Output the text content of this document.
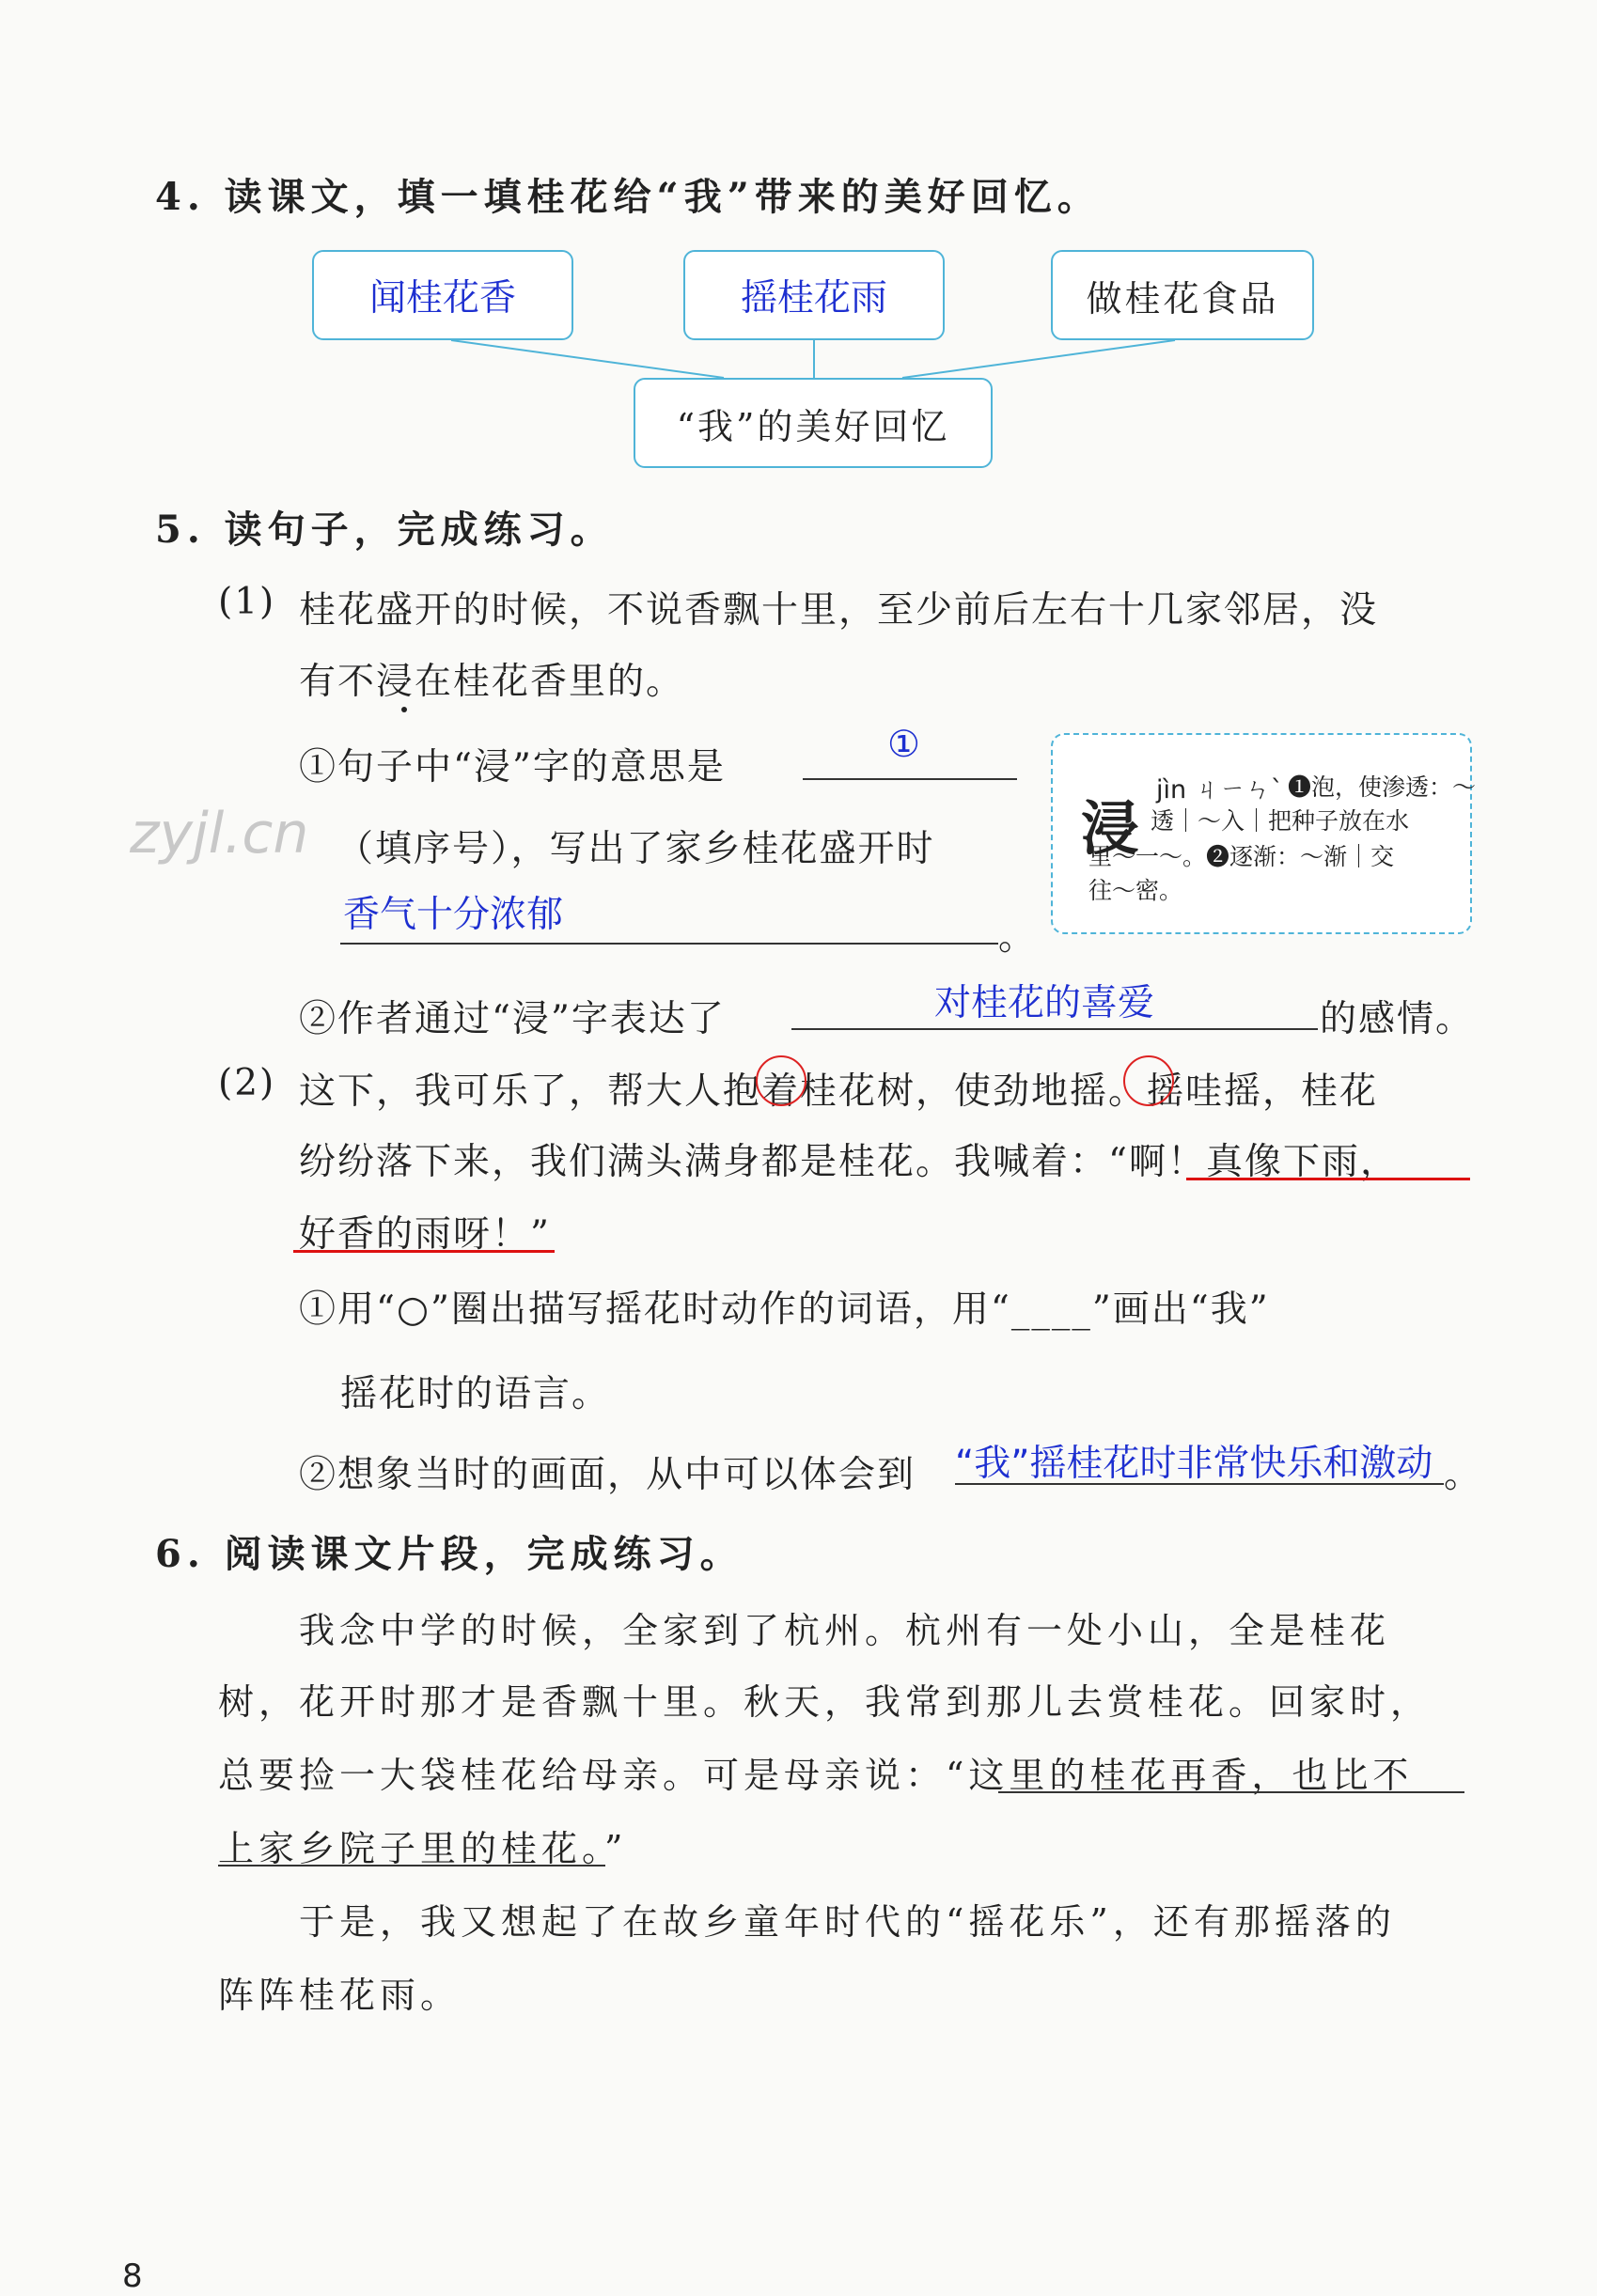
4. 读课文，填一填桂花给“我”带来的美好回忆。
闻桂花香	摇桂花雨	做桂花食品
“我”的美好回忆
5. 读句子，完成练习。
(1) 桂花盛开的时候，不说香飘十里，至少前后左右十几家邻居，没
有不浸在桂花香里的。
①句子中“浸”字的意思是
①
（填序号），写出了家乡桂花盛开时
香气十分浓郁
。
浸
jìn ㄐㄧㄣˋ ❶泡，使渗透：～
透｜～入｜把种子放在水
里～一～。❷逐渐：～渐｜交
往～密。
②作者通过“浸”字表达了	对桂花的喜爱	的感情。
(2) 这下，我可乐了，帮大人抱着桂花树，使劲地摇。摇哇摇，桂花
纷纷落下来，我们满头满身都是桂花。我喊着：“啊！真像下雨，
好香的雨呀！”
①用“○”圈出描写摇花时动作的词语，用“____”画出“我”
摇花时的语言。
②想象当时的画面，从中可以体会到 “我”摇桂花时非常快乐和激动 。
6. 阅读课文片段，完成练习。
我念中学的时候，全家到了杭州。杭州有一处小山，全是桂花
树，花开时那才是香飘十里。秋天，我常到那儿去赏桂花。回家时，
总要捡一大袋桂花给母亲。可是母亲说：“这里的桂花再香，也比不
上家乡院子里的桂花。”
于是，我又想起了在故乡童年时代的“摇花乐”，还有那摇落的
阵阵桂花雨。
zyjl.cn
8
